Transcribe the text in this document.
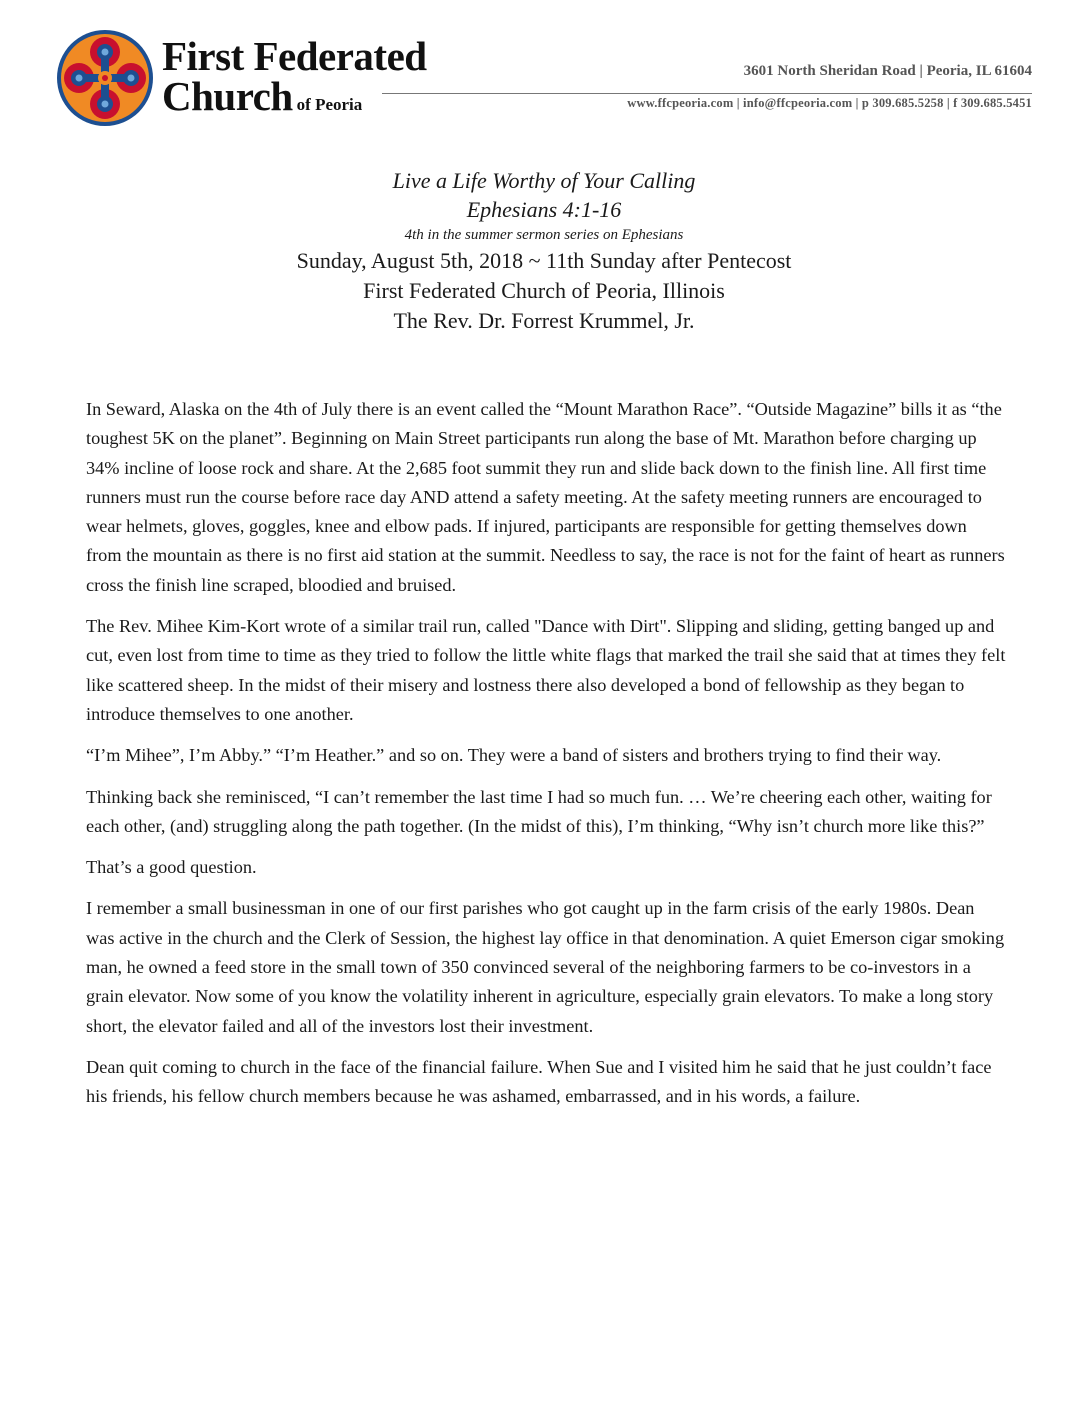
First Federated
Church of Peoria
3601 North Sheridan Road | Peoria, IL 61604
www.ffcpeoria.com | info@ffcpeoria.com | p 309.685.5258 | f 309.685.5451
Live a Life Worthy of Your Calling
Ephesians 4:1-16
4th in the summer sermon series on Ephesians
Sunday, August 5th, 2018 ~ 11th Sunday after Pentecost
First Federated Church of Peoria, Illinois
The Rev. Dr. Forrest Krummel, Jr.

In Seward, Alaska on the 4th of July there is an event called the “Mount Marathon Race”. “Outside Magazine” bills it as “the toughest 5K on the planet”. Beginning on Main Street participants run along the base of Mt. Marathon before charging up 34% incline of loose rock and share. At the 2,685 foot summit they run and slide back down to the finish line. All first time runners must run the course before race day AND attend a safety meeting. At the safety meeting runners are encouraged to wear helmets, gloves, goggles, knee and elbow pads. If injured, participants are responsible for getting themselves down from the mountain as there is no first aid station at the summit. Needless to say, the race is not for the faint of heart as runners cross the finish line scraped, bloodied and bruised.

The Rev. Mihee Kim-Kort wrote of a similar trail run, called "Dance with Dirt". Slipping and sliding, getting banged up and cut, even lost from time to time as they tried to follow the little white flags that marked the trail she said that at times they felt like scattered sheep. In the midst of their misery and lostness there also developed a bond of fellowship as they began to introduce themselves to one another.

“I’m Mihee”, I’m Abby.” “I’m Heather.” and so on. They were a band of sisters and brothers trying to find their way.

Thinking back she reminisced, “I can’t remember the last time I had so much fun. … We’re cheering each other, waiting for each other, (and) struggling along the path together. (In the midst of this), I’m thinking, “Why isn’t church more like this?”

That’s a good question.

I remember a small businessman in one of our first parishes who got caught up in the farm crisis of the early 1980s. Dean was active in the church and the Clerk of Session, the highest lay office in that denomination. A quiet Emerson cigar smoking man, he owned a feed store in the small town of 350 convinced several of the neighboring farmers to be co-investors in a grain elevator. Now some of you know the volatility inherent in agriculture, especially grain elevators. To make a long story short, the elevator failed and all of the investors lost their investment.

Dean quit coming to church in the face of the financial failure. When Sue and I visited him he said that he just couldn’t face his friends, his fellow church members because he was ashamed, embarrassed, and in his words, a failure.
